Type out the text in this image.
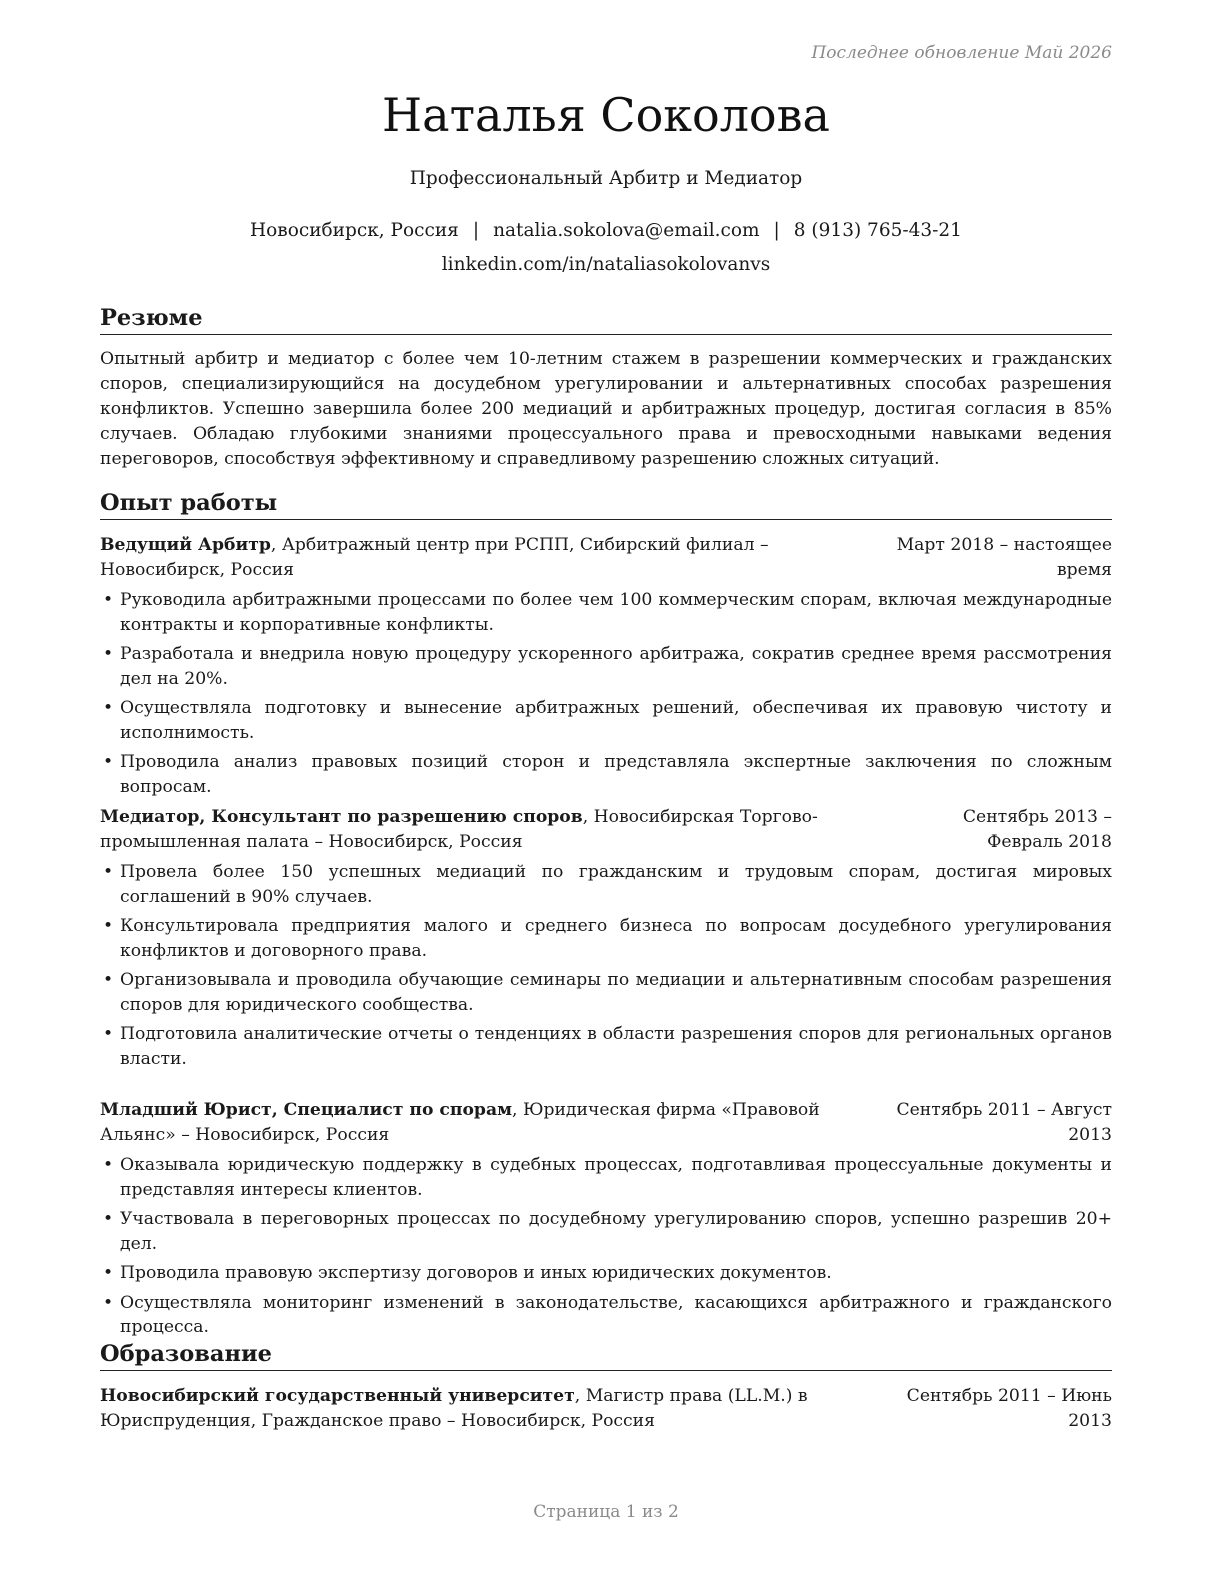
Последнее обновление Май 2026
Наталья Соколова
Профессиональный Арбитр и Медиатор
Новосибирск, Россия | natalia.sokolova@email.com | 8 (913) 765-43-21
linkedin.com/in/nataliasokolovanvs
Резюме
Опытный арбитр и медиатор с более чем 10-летним стажем в разрешении коммерческих и гражданских споров, специализирующийся на досудебном урегулировании и альтернативных способах разрешения конфликтов. Успешно завершила более 200 медиаций и арбитражных процедур, достигая согласия в 85% случаев. Обладаю глубокими знаниями процессуального права и превосходными навыками ведения переговоров, способствуя эффективному и справедливому разрешению сложных ситуаций.
Опыт работы
Ведущий Арбитр, Арбитражный центр при РСПП, Сибирский филиал – Новосибирск, Россия
Март 2018 – настоящее время
• Руководила арбитражными процессами по более чем 100 коммерческим спорам, включая международные контракты и корпоративные конфликты.
• Разработала и внедрила новую процедуру ускоренного арбитража, сократив среднее время рассмотрения дел на 20%.
• Осуществляла подготовку и вынесение арбитражных решений, обеспечивая их правовую чистоту и исполнимость.
• Проводила анализ правовых позиций сторон и представляла экспертные заключения по сложным вопросам.
Медиатор, Консультант по разрешению споров, Новосибирская Торгово-промышленная палата – Новосибирск, Россия
Сентябрь 2013 – Февраль 2018
• Провела более 150 успешных медиаций по гражданским и трудовым спорам, достигая мировых соглашений в 90% случаев.
• Консультировала предприятия малого и среднего бизнеса по вопросам досудебного урегулирования конфликтов и договорного права.
• Организовывала и проводила обучающие семинары по медиации и альтернативным способам разрешения споров для юридического сообщества.
• Подготовила аналитические отчеты о тенденциях в области разрешения споров для региональных органов власти.
Младший Юрист, Специалист по спорам, Юридическая фирма «Правовой Альянс» – Новосибирск, Россия
Сентябрь 2011 – Август 2013
• Оказывала юридическую поддержку в судебных процессах, подготавливая процессуальные документы и представляя интересы клиентов.
• Участвовала в переговорных процессах по досудебному урегулированию споров, успешно разрешив 20+ дел.
• Проводила правовую экспертизу договоров и иных юридических документов.
• Осуществляла мониторинг изменений в законодательстве, касающихся арбитражного и гражданского процесса.
Образование
Новосибирский государственный университет, Магистр права (LL.M.) в Юриспруденция, Гражданское право – Новосибирск, Россия
Сентябрь 2011 – Июнь 2013
Страница 1 из 2
